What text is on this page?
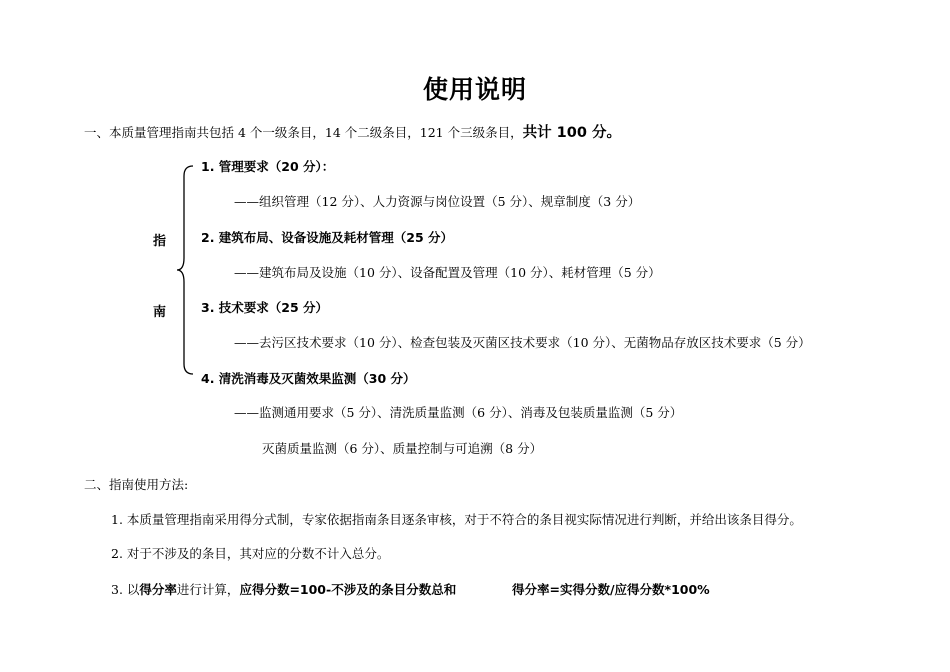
使用说明
一、本质量管理指南共包括 4 个一级条目，14 个二级条目，121 个三级条目，共计 100 分。
指
南
1. 管理要求（20 分）：
——组织管理（12 分）、人力资源与岗位设置（5 分）、规章制度（3 分）
2. 建筑布局、设备设施及耗材管理（25 分）
——建筑布局及设施（10 分）、设备配置及管理（10 分）、耗材管理（5 分）
3. 技术要求（25 分）
——去污区技术要求（10 分）、检查包装及灭菌区技术要求（10 分）、无菌物品存放区技术要求（5 分）
4. 清洗消毒及灭菌效果监测（30 分）
——监测通用要求（5 分）、清洗质量监测（6 分）、消毒及包装质量监测（5 分）
灭菌质量监测（6 分）、质量控制与可追溯（8 分）
二、指南使用方法:
1. 本质量管理指南采用得分式制，专家依据指南条目逐条审核，对于不符合的条目视实际情况进行判断，并给出该条目得分。
2. 对于不涉及的条目，其对应的分数不计入总分。
3. 以得分率进行计算，应得分数=100-不涉及的条目分数总和	得分率=实得分数/应得分数*100%
